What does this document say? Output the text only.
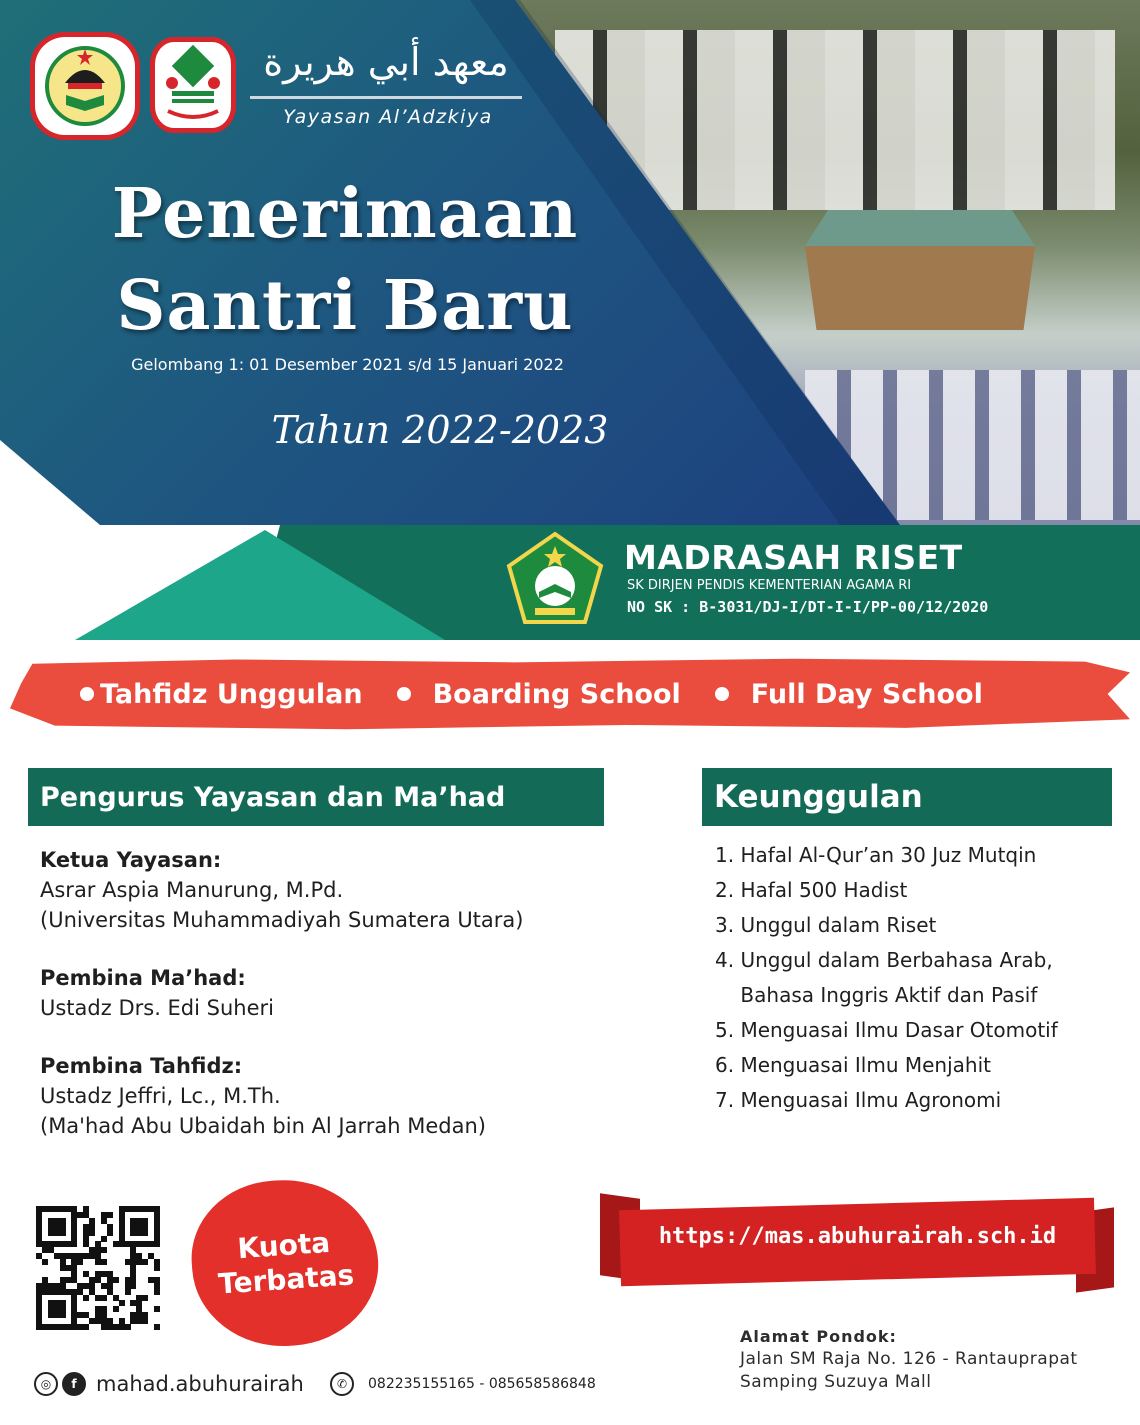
معهد أبي هريرة
Yayasan Al’Adzkiya
Penerimaan
Santri Baru
Gelombang 1: 01 Desember 2021 s/d 15 Januari 2022
Tahun 2022-2023
MADRASAH RISET
SK DIRJEN PENDIS KEMENTERIAN AGAMA RI
NO SK : B-3031/DJ-I/DT-I-I/PP-00/12/2020
Tahfidz Unggulan	Boarding School	Full Day School
Pengurus Yayasan dan Ma’had
Ketua Yayasan:
Asrar Aspia Manurung, M.Pd.
(Universitas Muhammadiyah Sumatera Utara)
Pembina Ma’had:
Ustadz Drs. Edi Suheri
Pembina Tahfidz:
Ustadz Jeffri, Lc., M.Th.
(Ma'had Abu Ubaidah bin Al Jarrah Medan)
Keunggulan
1. Hafal Al-Qur’an 30 Juz Mutqin
2. Hafal 500 Hadist
3. Unggul dalam Riset
4. Unggul dalam Berbahasa Arab,
Bahasa Inggris Aktif dan Pasif
5. Menguasai Ilmu Dasar Otomotif
6. Menguasai Ilmu Menjahit
7. Menguasai Ilmu Agronomi
Kuota
Terbatas
https://mas.abuhurairah.sch.id
Alamat Pondok:
Jalan SM Raja No. 126 - Rantauprapat
Samping Suzuya Mall
◎	f mahad.abuhurairah	✆	082235155165 - 085658586848
